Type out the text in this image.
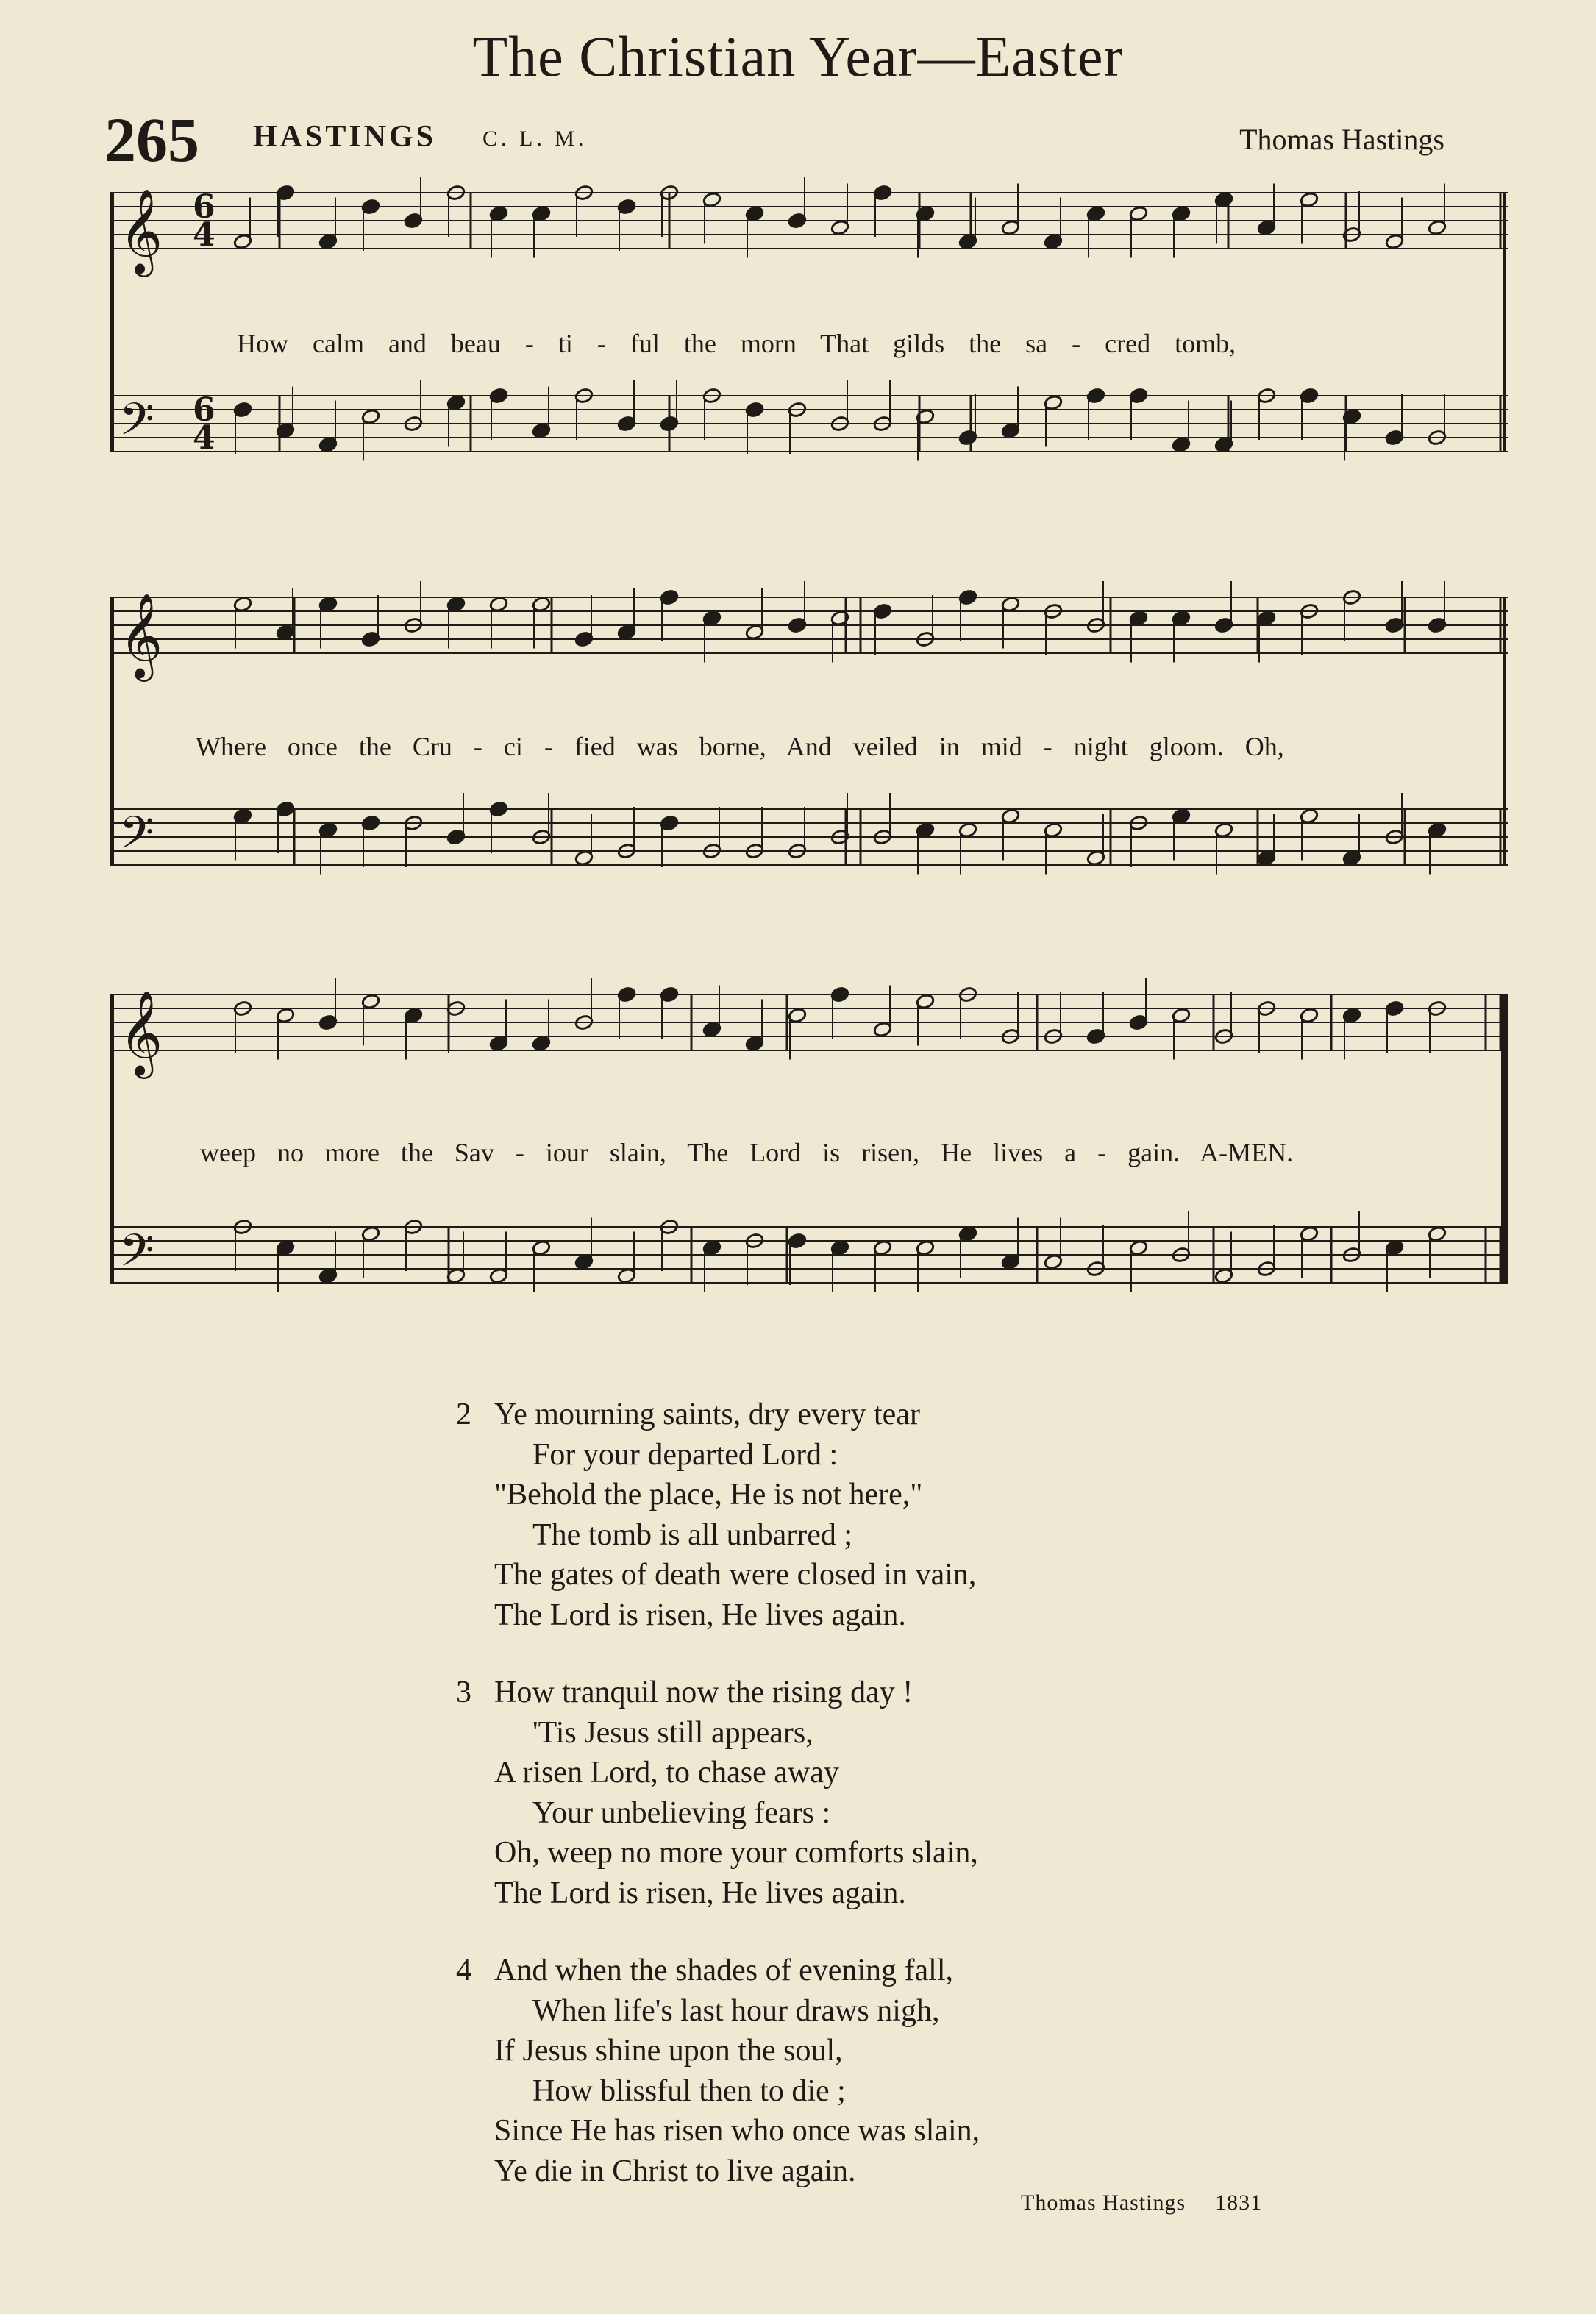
The Christian Year—Easter
265 HASTINGS C. L. M.	Thomas Hastings
𝄞
𝄢
6
4
6
4
How calm and beau - ti - ful the morn That gilds the sa - cred tomb,
𝄞
𝄢
Where once the Cru - ci - fied was borne, And veiled in mid - night gloom. Oh,
𝄞
𝄢
weep no more the Sav - iour slain, The Lord is risen, He lives a - gain. A-MEN.
2 Ye mourning saints, dry every tear
For your departed Lord :
"Behold the place, He is not here,"
The tomb is all unbarred ;
The gates of death were closed in vain,
The Lord is risen, He lives again.
3 How tranquil now the rising day !
'Tis Jesus still appears,
A risen Lord, to chase away
Your unbelieving fears :
Oh, weep no more your comforts slain,
The Lord is risen, He lives again.
4 And when the shades of evening fall,
When life's last hour draws nigh,
If Jesus shine upon the soul,
How blissful then to die ;
Since He has risen who once was slain,
Ye die in Christ to live again.
Thomas Hastings 1831
